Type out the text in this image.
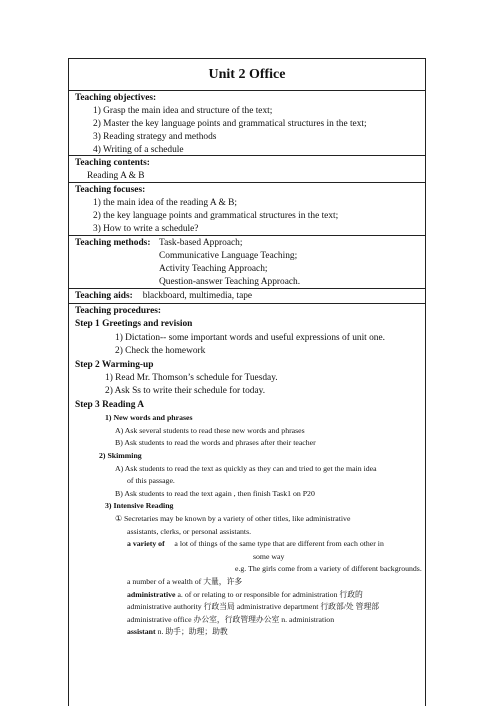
Unit 2 Office
Teaching objectives:
1) Grasp the main idea and structure of the text;
2) Master the key language points and grammatical structures in the text;
3) Reading strategy and methods
4) Writing of a schedule
Teaching contents:
Reading A & B
Teaching focuses:
1) the main idea of the reading A & B;
2) the key language points and grammatical structures in the text;
3) How to write a schedule?
Teaching methods: Task-based Approach;
Communicative Language Teaching;
Activity Teaching Approach;
Question-answer Teaching Approach.
Teaching aids: blackboard, multimedia, tape
Teaching procedures:
Step 1 Greetings and revision
1) Dictation-- some important words and useful expressions of unit one.
2) Check the homework
Step 2 Warming-up
1) Read Mr. Thomson’s schedule for Tuesday.
2) Ask Ss to write their schedule for today.
Step 3 Reading A
1) New words and phrases
A) Ask several students to read these new words and phrases
B) Ask students to read the words and phrases after their teacher
2) Skimming
A) Ask students to read the text as quickly as they can and tried to get the main idea
of this passage.
B) Ask students to read the text again , then finish Task1 on P20
3) Intensive Reading
① Secretaries may be known by a variety of other titles, like administrative
assistants, clerks, or personal assistants.
a variety of a lot of things of the same type that are different from each other in
some way
e.g. The girls come from a variety of different backgrounds.
a number of a wealth of 大量，许多
administrative a. of or relating to or responsible for administration 行政的
administrative authority 行政当局 administrative department 行政部/处 管理部
administrative office 办公室，行政管理办公室 n. administration
assistant n. 助手；助理；助教
